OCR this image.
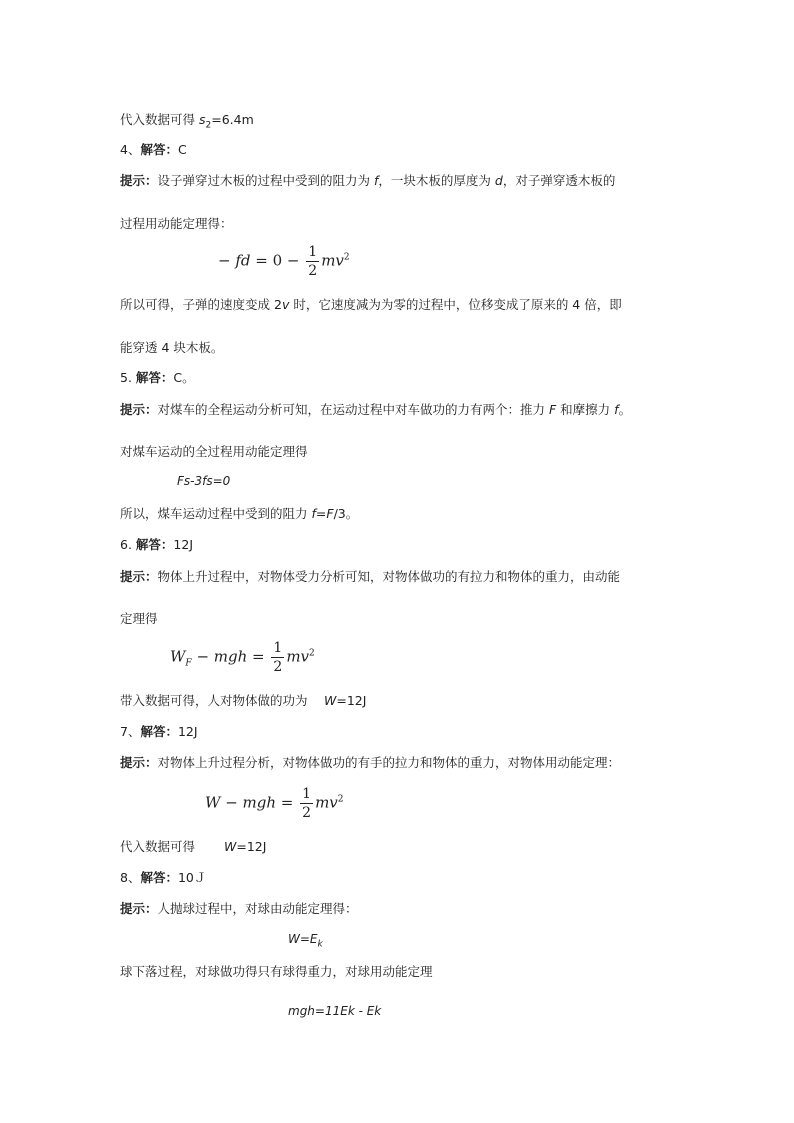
代入数据可得 $s_2=6.4m$
4、解答：C
提示：设子弹穿过木板的过程中受到的阻力为 f，一块木板的厚度为 d，对子弹穿透木板的
过程用动能定理得：
− fd = $0 - \frac{1}{2} mv^2$
所以可得，子弹的速度变成 2v 时，它速度减为为零的过程中，位移变成了原来的 4 倍，即
能穿透 4 块木板。
5. 解答：C。
提示：对煤车的全程运动分析可知，在运动过程中对车做功的力有两个：推力 F 和摩擦力 f。
对煤车运动的全过程用动能定理得
Fs-3fs=0
所以，煤车运动过程中受到的阻力 f=F/3。
6. 解答：12J
提示：物体上升过程中，对物体受力分析可知，对物体做功的有拉力和物体的重力，由动能
定理得
$W_F$ − mgh = $\frac{1}{2} mv^2$
带入数据可得，人对物体做的功为　 W=12J
7、解答：12J
提示：对物体上升过程分析，对物体做功的有手的拉力和物体的重力，对物体用动能定理：
W − mgh = $\frac{1}{2} mv^2$
代入数据可得　　 W=12J
8、解答：10Ｊ
提示：人抛球过程中，对球由动能定理得：
$W=E_k$
球下落过程，对球做功得只有球得重力，对球用动能定理
mgh=11Ek - Ek
